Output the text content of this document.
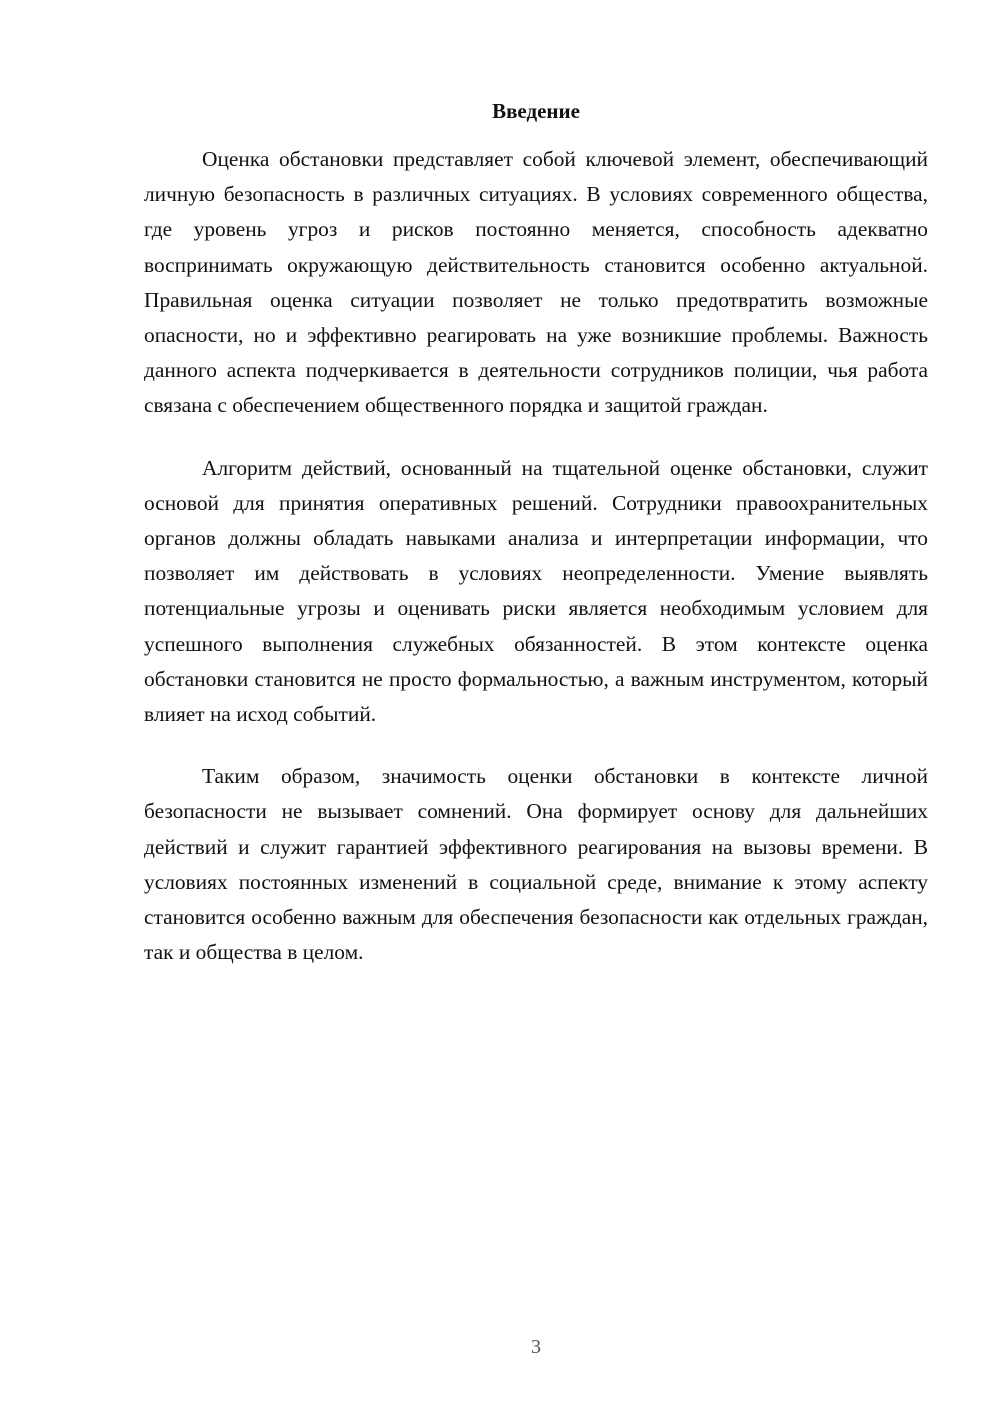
Введение

Оценка обстановки представляет собой ключевой элемент, обеспечивающий личную безопасность в различных ситуациях. В условиях современного общества, где уровень угроз и рисков постоянно меняется, способность адекватно воспринимать окружающую действительность становится особенно актуальной. Правильная оценка ситуации позволяет не только предотвратить возможные опасности, но и эффективно реагировать на уже возникшие проблемы. Важность данного аспекта подчеркивается в деятельности сотрудников полиции, чья работа связана с обеспечением общественного порядка и защитой граждан.

Алгоритм действий, основанный на тщательной оценке обстановки, служит основой для принятия оперативных решений. Сотрудники правоохранительных органов должны обладать навыками анализа и интерпретации информации, что позволяет им действовать в условиях неопределенности. Умение выявлять потенциальные угрозы и оценивать риски является необходимым условием для успешного выполнения служебных обязанностей. В этом контексте оценка обстановки становится не просто формальностью, а важным инструментом, который влияет на исход событий.

Таким образом, значимость оценки обстановки в контексте личной безопасности не вызывает сомнений. Она формирует основу для дальнейших действий и служит гарантией эффективного реагирования на вызовы времени. В условиях постоянных изменений в социальной среде, внимание к этому аспекту становится особенно важным для обеспечения безопасности как отдельных граждан, так и общества в целом.

3
